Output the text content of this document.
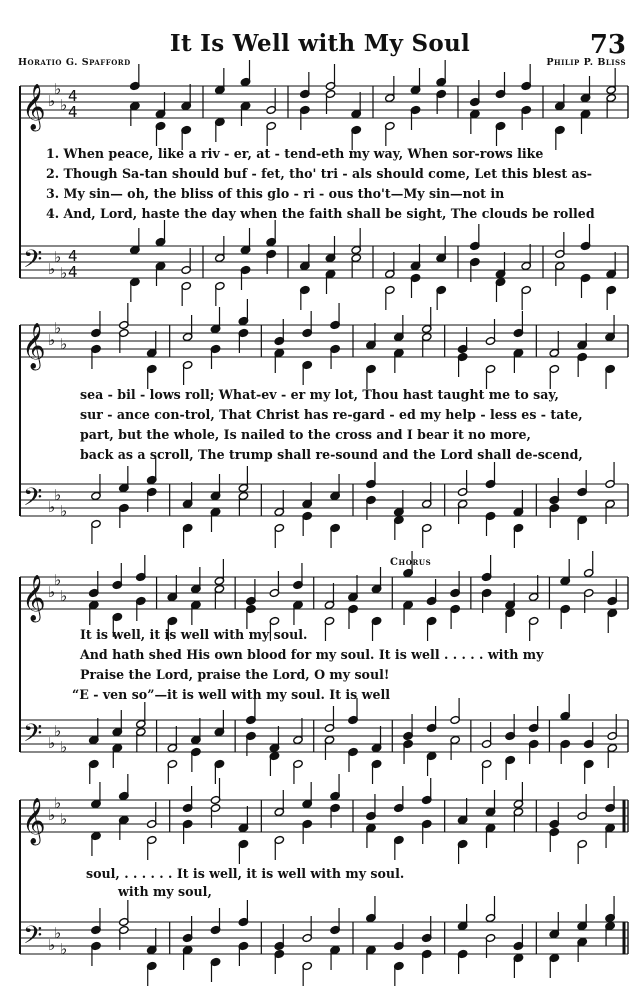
It Is Well with My Soul	73
Horatio G. Spafford	Philip P. Bliss
𝄞
𝄢
♭
♭
♭
♭
♭
♭
4
4
4
4
𝄞
𝄢
♭
♭
♭
♭
♭
♭
𝄞
𝄢
♭
♭
♭
♭
♭
♭
𝄞
𝄢
♭
♭
♭
♭
♭
♭
1. When peace, like a riv - er, at - tend-eth my way, When sor-rows like
2. Though Sa-tan should buf - fet, tho' tri - als should come, Let this blest as-
3. My sin— oh, the bliss of this glo - ri - ous tho't—My sin—not in
4. And, Lord, haste the day when the faith shall be sight, The clouds be rolled
sea - bil - lows roll; What-ev - er my lot, Thou hast taught me to say,
sur - ance con-trol, That Christ has re-gard - ed my help - less es - tate,
part, but the whole, Is nailed to the cross and I bear it no more,
back as a scroll, The trump shall re-sound and the Lord shall de-scend,
Chorus
It is well, it is well with my soul.
And hath shed His own blood for my soul. It is well . . . . . with my
Praise the Lord, praise the Lord, O my soul!
“E - ven so”—it is well with my soul. It is well
soul, . . . . . . It is well, it is well with my soul.
with my soul,
